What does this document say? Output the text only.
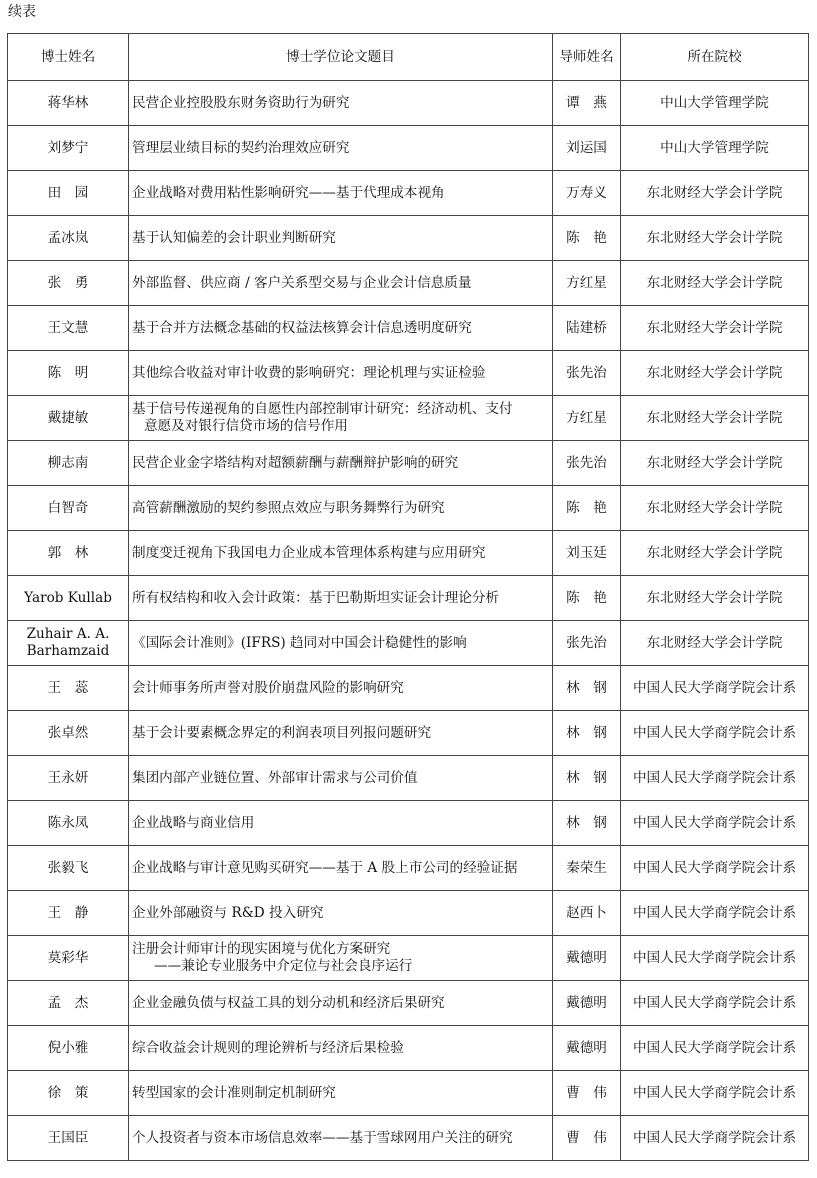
续表
博士姓名	博士学位论文题目	导师姓名	所在院校
蒋华林	民营企业控股股东财务资助行为研究	谭　燕	中山大学管理学院
刘梦宁	管理层业绩目标的契约治理效应研究	刘运国	中山大学管理学院
田　园	企业战略对费用粘性影响研究——基于代理成本视角	万寿义	东北财经大学会计学院
孟冰岚	基于认知偏差的会计职业判断研究	陈　艳	东北财经大学会计学院
张　勇	外部监督、供应商 / 客户关系型交易与企业会计信息质量	方红星	东北财经大学会计学院
王文慧	基于合并方法概念基础的权益法核算会计信息透明度研究	陆建桥	东北财经大学会计学院
陈　明	其他综合收益对审计收费的影响研究：理论机理与实证检验	张先治	东北财经大学会计学院
戴捷敏	基于信号传递视角的自愿性内部控制审计研究：经济动机、支付
意愿及对银行信贷市场的信号作用	方红星	东北财经大学会计学院
柳志南	民营企业金字塔结构对超额薪酬与薪酬辩护影响的研究	张先治	东北财经大学会计学院
白智奇	高管薪酬激励的契约参照点效应与职务舞弊行为研究	陈　艳	东北财经大学会计学院
郭　林	制度变迁视角下我国电力企业成本管理体系构建与应用研究	刘玉廷	东北财经大学会计学院
Yarob Kullab	所有权结构和收入会计政策：基于巴勒斯坦实证会计理论分析	陈　艳	东北财经大学会计学院
Zuhair A. A.
Barhamzaid	《国际会计准则》(IFRS) 趋同对中国会计稳健性的影响	张先治	东北财经大学会计学院
王　蕊	会计师事务所声誉对股价崩盘风险的影响研究	林　钢	中国人民大学商学院会计系
张卓然	基于会计要素概念界定的利润表项目列报问题研究	林　钢	中国人民大学商学院会计系
王永妍	集团内部产业链位置、外部审计需求与公司价值	林　钢	中国人民大学商学院会计系
陈永凤	企业战略与商业信用	林　钢	中国人民大学商学院会计系
张毅飞	企业战略与审计意见购买研究——基于 A 股上市公司的经验证据	秦荣生	中国人民大学商学院会计系
王　静	企业外部融资与 R&D 投入研究	赵西卜	中国人民大学商学院会计系
莫彩华	注册会计师审计的现实困境与优化方案研究
——兼论专业服务中介定位与社会良序运行	戴德明	中国人民大学商学院会计系
孟　杰	企业金融负债与权益工具的划分动机和经济后果研究	戴德明	中国人民大学商学院会计系
倪小雅	综合收益会计规则的理论辨析与经济后果检验	戴德明	中国人民大学商学院会计系
徐　策	转型国家的会计准则制定机制研究	曹　伟	中国人民大学商学院会计系
王国臣	个人投资者与资本市场信息效率——基于雪球网用户关注的研究	曹　伟	中国人民大学商学院会计系
